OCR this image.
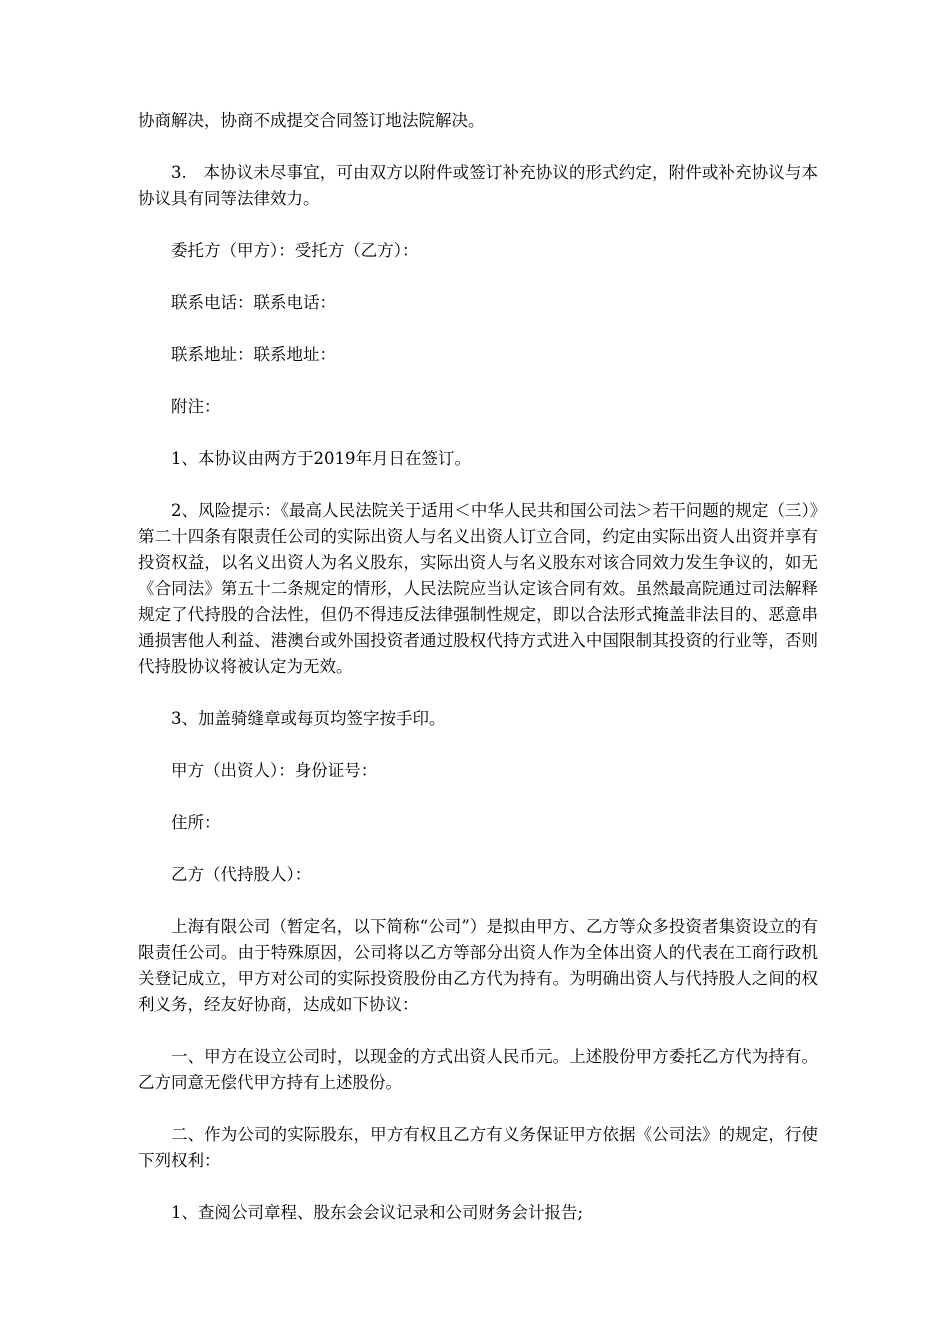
协商解决，协商不成提交合同签订地法院解决。

3.　本协议未尽事宜，可由双方以附件或签订补充协议的形式约定，附件或补充协议与本协议具有同等法律效力。

委托方（甲方）：受托方（乙方）：

联系电话：联系电话：

联系地址：联系地址：

附注：

1、本协议由两方于2019年月日在签订。

2、风险提示：《最高人民法院关于适用＜中华人民共和国公司法＞若干问题的规定（三）》第二十四条有限责任公司的实际出资人与名义出资人订立合同，约定由实际出资人出资并享有投资权益，以名义出资人为名义股东，实际出资人与名义股东对该合同效力发生争议的，如无《合同法》第五十二条规定的情形，人民法院应当认定该合同有效。虽然最高院通过司法解释规定了代持股的合法性，但仍不得违反法律强制性规定，即以合法形式掩盖非法目的、恶意串通损害他人利益、港澳台或外国投资者通过股权代持方式进入中国限制其投资的行业等，否则代持股协议将被认定为无效。

3、加盖骑缝章或每页均签字按手印。

甲方（出资人）：身份证号：

住所：

乙方（代持股人）：

上海有限公司（暂定名，以下简称“公司”）是拟由甲方、乙方等众多投资者集资设立的有限责任公司。由于特殊原因，公司将以乙方等部分出资人作为全体出资人的代表在工商行政机关登记成立，甲方对公司的实际投资股份由乙方代为持有。为明确出资人与代持股人之间的权利义务，经友好协商，达成如下协议：

一、甲方在设立公司时，以现金的方式出资人民币元。上述股份甲方委托乙方代为持有。乙方同意无偿代甲方持有上述股份。

二、作为公司的实际股东，甲方有权且乙方有义务保证甲方依据《公司法》的规定，行使下列权利：

1、查阅公司章程、股东会会议记录和公司财务会计报告;
